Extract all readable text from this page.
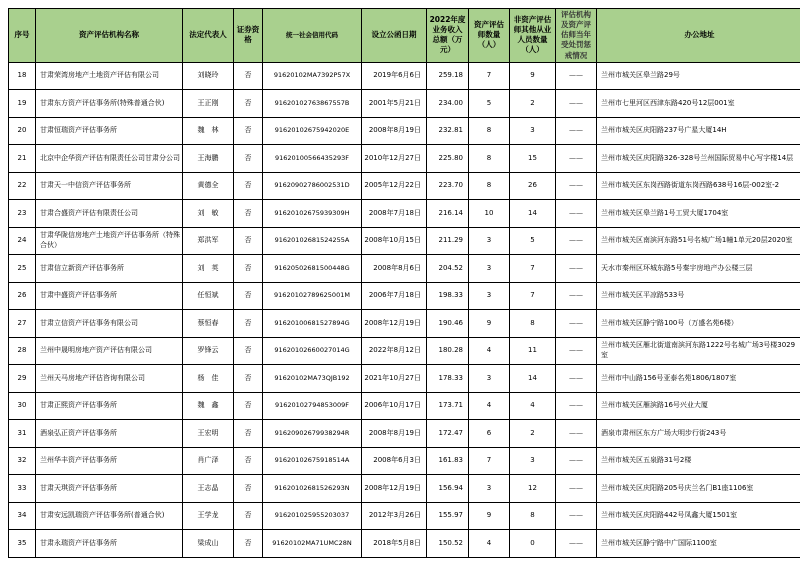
序号	资产评估机构名称	法定代表人	证券资格	统一社会信用代码	设立公函日期	2022年度业务收入总额（万元）	资产评估师数量（人）	非资产评估师其他从业人员数量（人）	评估机构及资产评估师当年受处罚惩戒情况	办公地址
18	甘肃荣湾房地产土地资产评估有限公司	刘晓玲	否	91620102MA7392P57X	2019年6月6日	259.18	7	9	——	兰州市城关区皋兰路29号
19	甘肃东方资产评估事务所(特殊普通合伙)	王正刚	否	91620102763867557B	2001年5月21日	234.00	5	2	——	兰州市七里河区西津东路420号12层001室
20	甘肃恒瑞资产评估事务所	魏　林	否	91620102675942020E	2008年8月19日	232.81	8	3	——	兰州市城关区庆阳路237号广星大厦14H
21	北京中企华资产评估有限责任公司甘肃分公司	王海鹏	否	91620100566435293F	2010年12月27日	225.80	8	15	——	兰州市城关区庆阳路326-328号兰州国际贸易中心写字楼14层
22	甘肃天一中信资产评估事务所	黄德全	否	91620902786002531D	2005年12月22日	223.70	8	26	——	兰州市城关区东岗西路街道东岗西路638号16层-002室-2
23	甘肃合盛资产评估有限责任公司	刘　敏	否	91620102675939309H	2008年7月18日	216.14	10	14	——	兰州市城关区皋兰路1号工贸大厦1704室
24	甘肃华陇信房地产土地资产评估事务所（特殊合伙）	郑洪军	否	91620102681524255A	2008年10月15日	211.29	3	5	——	兰州市城关区南滨河东路51号名城广场1幢1单元20层2020室
25	甘肃信立新资产评估事务所	刘　英	否	91620502681500448G	2008年8月6日	204.52	3	7	——	天水市秦州区环城东路5号秦宇房地产办公楼三层
26	甘肃中盛资产评估事务所	任恒斌	否	91620102789625001M	2006年7月18日	198.33	3	7	——	兰州市城关区平凉路533号
27	甘肃立信资产评估事务有限公司	蔡恒春	否	91620100681527894G	2008年12月19日	190.46	9	8	——	兰州市城关区静宁路100号（万盛名苑6楼）
28	兰州中晟明房地产资产评估有限公司	罗锋云	否	91620102660027014G	2022年8月12日	180.28	4	11	——	兰州市城关区雁北街道南滨河东路1222号名城广场3号楼3029室
29	兰州天马房地产评估咨询有限公司	杨　佳	否	91620102MA73QJB192	2021年10月27日	178.33	3	14	——	兰州市中山路156号亚泰名苑1806/1807室
30	甘肃正熙资产评估事务所	魏　鑫	否	91620102794853009F	2006年10月17日	173.71	4	4	——	兰州市城关区雁滨路16号兴业大厦
31	酒泉弘正资产评估事务所	王宏明	否	91620902679938294R	2008年8月19日	172.47	6	2	——	酒泉市肃州区东方广场大明步行街243号
32	兰州华丰资产评估事务所	肖广泽	否	91620102675918514A	2008年6月3日	161.83	7	3	——	兰州市城关区五泉路31号2楼
33	甘肃天琪资产评估事务所	王志晶	否	91620102681526293N	2008年12月19日	156.94	3	12	——	兰州市城关区庆阳路205号庆兰名门B1座1106室
34	甘肃安远凯瑞资产评估事务所(普通合伙)	王学龙	否	916201025955203037	2012年3月26日	155.97	9	8	——	兰州市城关区庆阳路442号凤鑫大厦1501室
35	甘肃永瑞资产评估事务所	梁成山	否	91620102MA71UMC28N	2018年5月8日	150.52	4	0	——	兰州市城关区静宁路中广国际1100室
